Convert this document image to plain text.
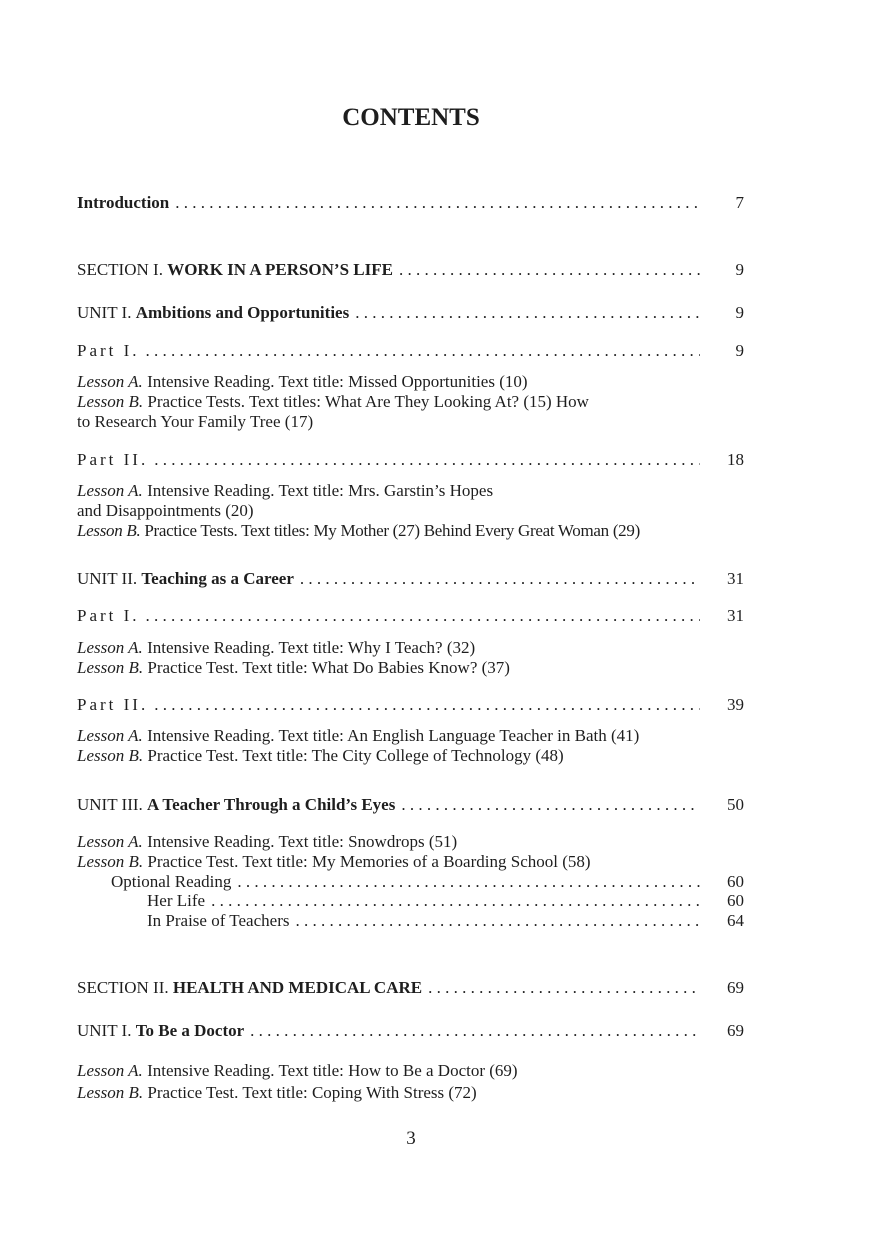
CONTENTS
Introduction . . .	7
SECTION I. WORK IN A PERSON’S LIFE . . .	9
UNIT I. Ambitions and Opportunities . . .	9
Part I. . . .	9
Lesson A. Intensive Reading. Text title: Missed Opportunities (10)
Lesson B. Practice Tests. Text titles: What Are They Looking At? (15) How
to Research Your Family Tree (17)
Part II. . . .	18
Lesson A. Intensive Reading. Text title: Mrs. Garstin’s Hopes
and Disappointments (20)
Lesson B. Practice Tests. Text titles: My Mother (27) Behind Every Great Woman (29)
UNIT II. Teaching as a Career . . .	31
Part I. . . .	31
Lesson A. Intensive Reading. Text title: Why I Teach? (32)
Lesson B. Practice Test. Text title: What Do Babies Know? (37)
Part II. . . .	39
Lesson A. Intensive Reading. Text title: An English Language Teacher in Bath (41)
Lesson B. Practice Test. Text title: The City College of Technology (48)
UNIT III. A Teacher Through a Child’s Eyes . . .	50
Lesson A. Intensive Reading. Text title: Snowdrops (51)
Lesson B. Practice Test. Text title: My Memories of a Boarding School (58)
Optional Reading . . .	60
Her Life . . .	60
In Praise of Teachers . . .	64
SECTION II. HEALTH AND MEDICAL CARE . . .	69
UNIT I. To Be a Doctor . . .	69
Lesson A. Intensive Reading. Text title: How to Be a Doctor (69)
Lesson B. Practice Test. Text title: Coping With Stress (72)
3
